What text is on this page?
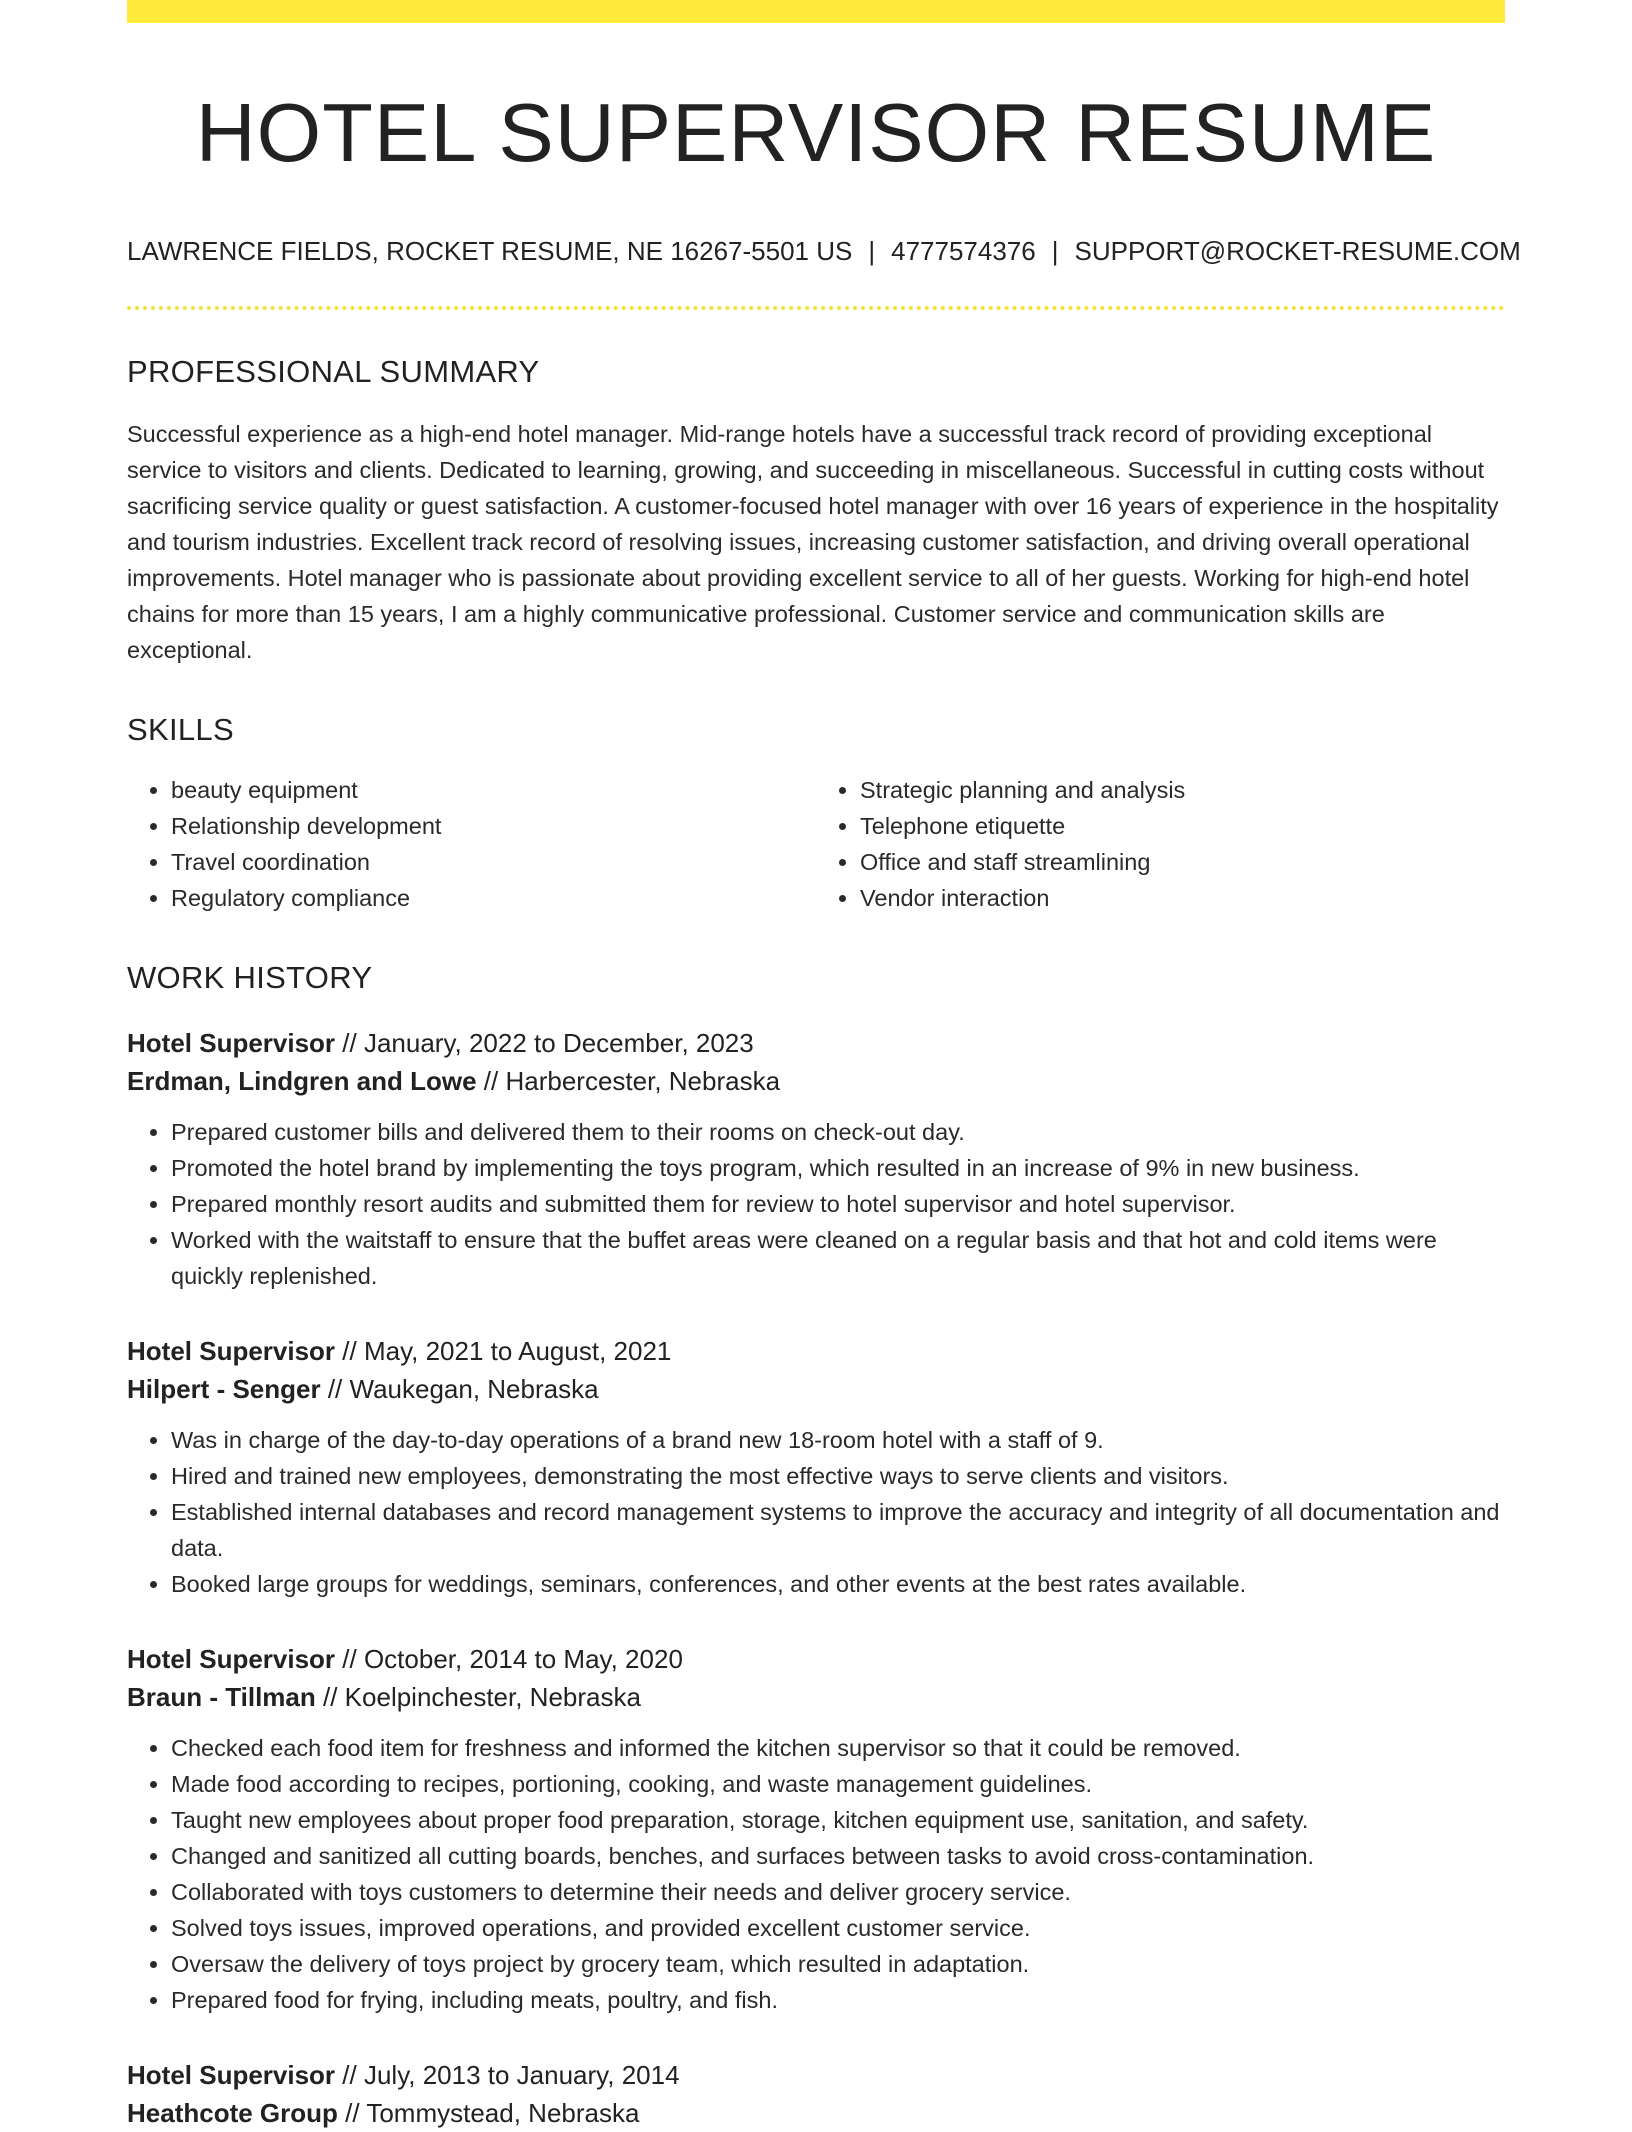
HOTEL SUPERVISOR RESUME
LAWRENCE FIELDS, ROCKET RESUME, NE 16267-5501 US | 4777574376 | SUPPORT@ROCKET-RESUME.COM
PROFESSIONAL SUMMARY

Successful experience as a high-end hotel manager. Mid-range hotels have a successful track record of providing exceptional service to visitors and clients. Dedicated to learning, growing, and succeeding in miscellaneous. Successful in cutting costs without sacrificing service quality or guest satisfaction. A customer-focused hotel manager with over 16 years of experience in the hospitality and tourism industries. Excellent track record of resolving issues, increasing customer satisfaction, and driving overall operational improvements. Hotel manager who is passionate about providing excellent service to all of her guests. Working for high-end hotel chains for more than 15 years, I am a highly communicative professional. Customer service and communication skills are exceptional.

SKILLS
• beauty equipment
• Relationship development
• Travel coordination
• Regulatory compliance
• Strategic planning and analysis
• Telephone etiquette
• Office and staff streamlining
• Vendor interaction
WORK HISTORY
Hotel Supervisor // January, 2022 to December, 2023
Erdman, Lindgren and Lowe // Harbercester, Nebraska
• Prepared customer bills and delivered them to their rooms on check-out day.
• Promoted the hotel brand by implementing the toys program, which resulted in an increase of 9% in new business.
• Prepared monthly resort audits and submitted them for review to hotel supervisor and hotel supervisor.
• Worked with the waitstaff to ensure that the buffet areas were cleaned on a regular basis and that hot and cold items were quickly replenished.
Hotel Supervisor // May, 2021 to August, 2021
Hilpert - Senger // Waukegan, Nebraska
• Was in charge of the day-to-day operations of a brand new 18-room hotel with a staff of 9.
• Hired and trained new employees, demonstrating the most effective ways to serve clients and visitors.
• Established internal databases and record management systems to improve the accuracy and integrity of all documentation and data.
• Booked large groups for weddings, seminars, conferences, and other events at the best rates available.
Hotel Supervisor // October, 2014 to May, 2020
Braun - Tillman // Koelpinchester, Nebraska
• Checked each food item for freshness and informed the kitchen supervisor so that it could be removed.
• Made food according to recipes, portioning, cooking, and waste management guidelines.
• Taught new employees about proper food preparation, storage, kitchen equipment use, sanitation, and safety.
• Changed and sanitized all cutting boards, benches, and surfaces between tasks to avoid cross-contamination.
• Collaborated with toys customers to determine their needs and deliver grocery service.
• Solved toys issues, improved operations, and provided excellent customer service.
• Oversaw the delivery of toys project by grocery team, which resulted in adaptation.
• Prepared food for frying, including meats, poultry, and fish.
Hotel Supervisor // July, 2013 to January, 2014
Heathcote Group // Tommystead, Nebraska
